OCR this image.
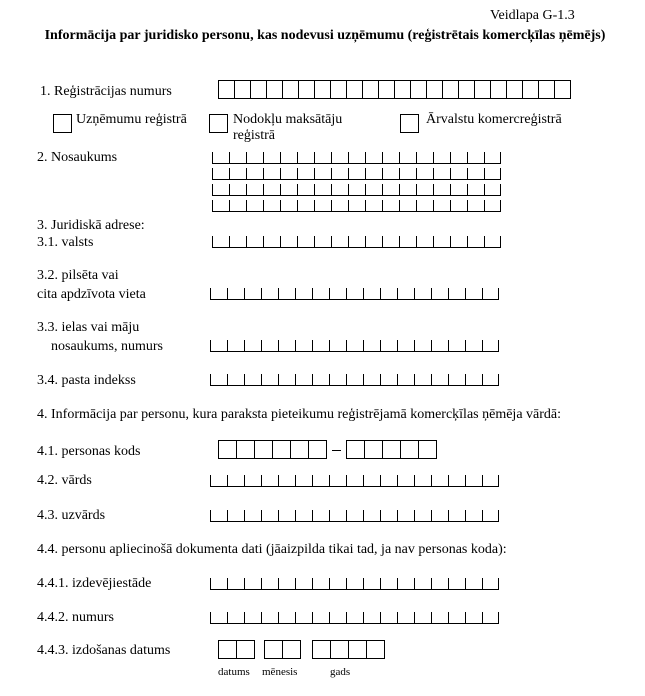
Veidlapa G-1.3
Informācija par juridisko personu, kas nodevusi uzņēmumu (reģistrētais komercķīlas ņēmējs)
1. Reģistrācijas numurs
Uzņēmumu reģistrā	Nodokļu maksātāju
reģistrā
Ārvalstu komercreģistrā
2. Nosaukums
3. Juridiskā adrese:
3.1. valsts
3.2. pilsēta vai
cita apdzīvota vieta
3.3. ielas vai māju
nosaukums, numurs
3.4. pasta indekss
4. Informācija par personu, kura paraksta pieteikumu reģistrējamā komercķīlas ņēmēja vārdā:
4.1. personas kods
4.2. vārds
4.3. uzvārds
4.4. personu apliecinošā dokumenta dati (jāaizpilda tikai tad, ja nav personas koda):
4.4.1. izdevējiestāde
4.4.2. numurs
4.4.3. izdošanas datums
datums mēnesis	gads
